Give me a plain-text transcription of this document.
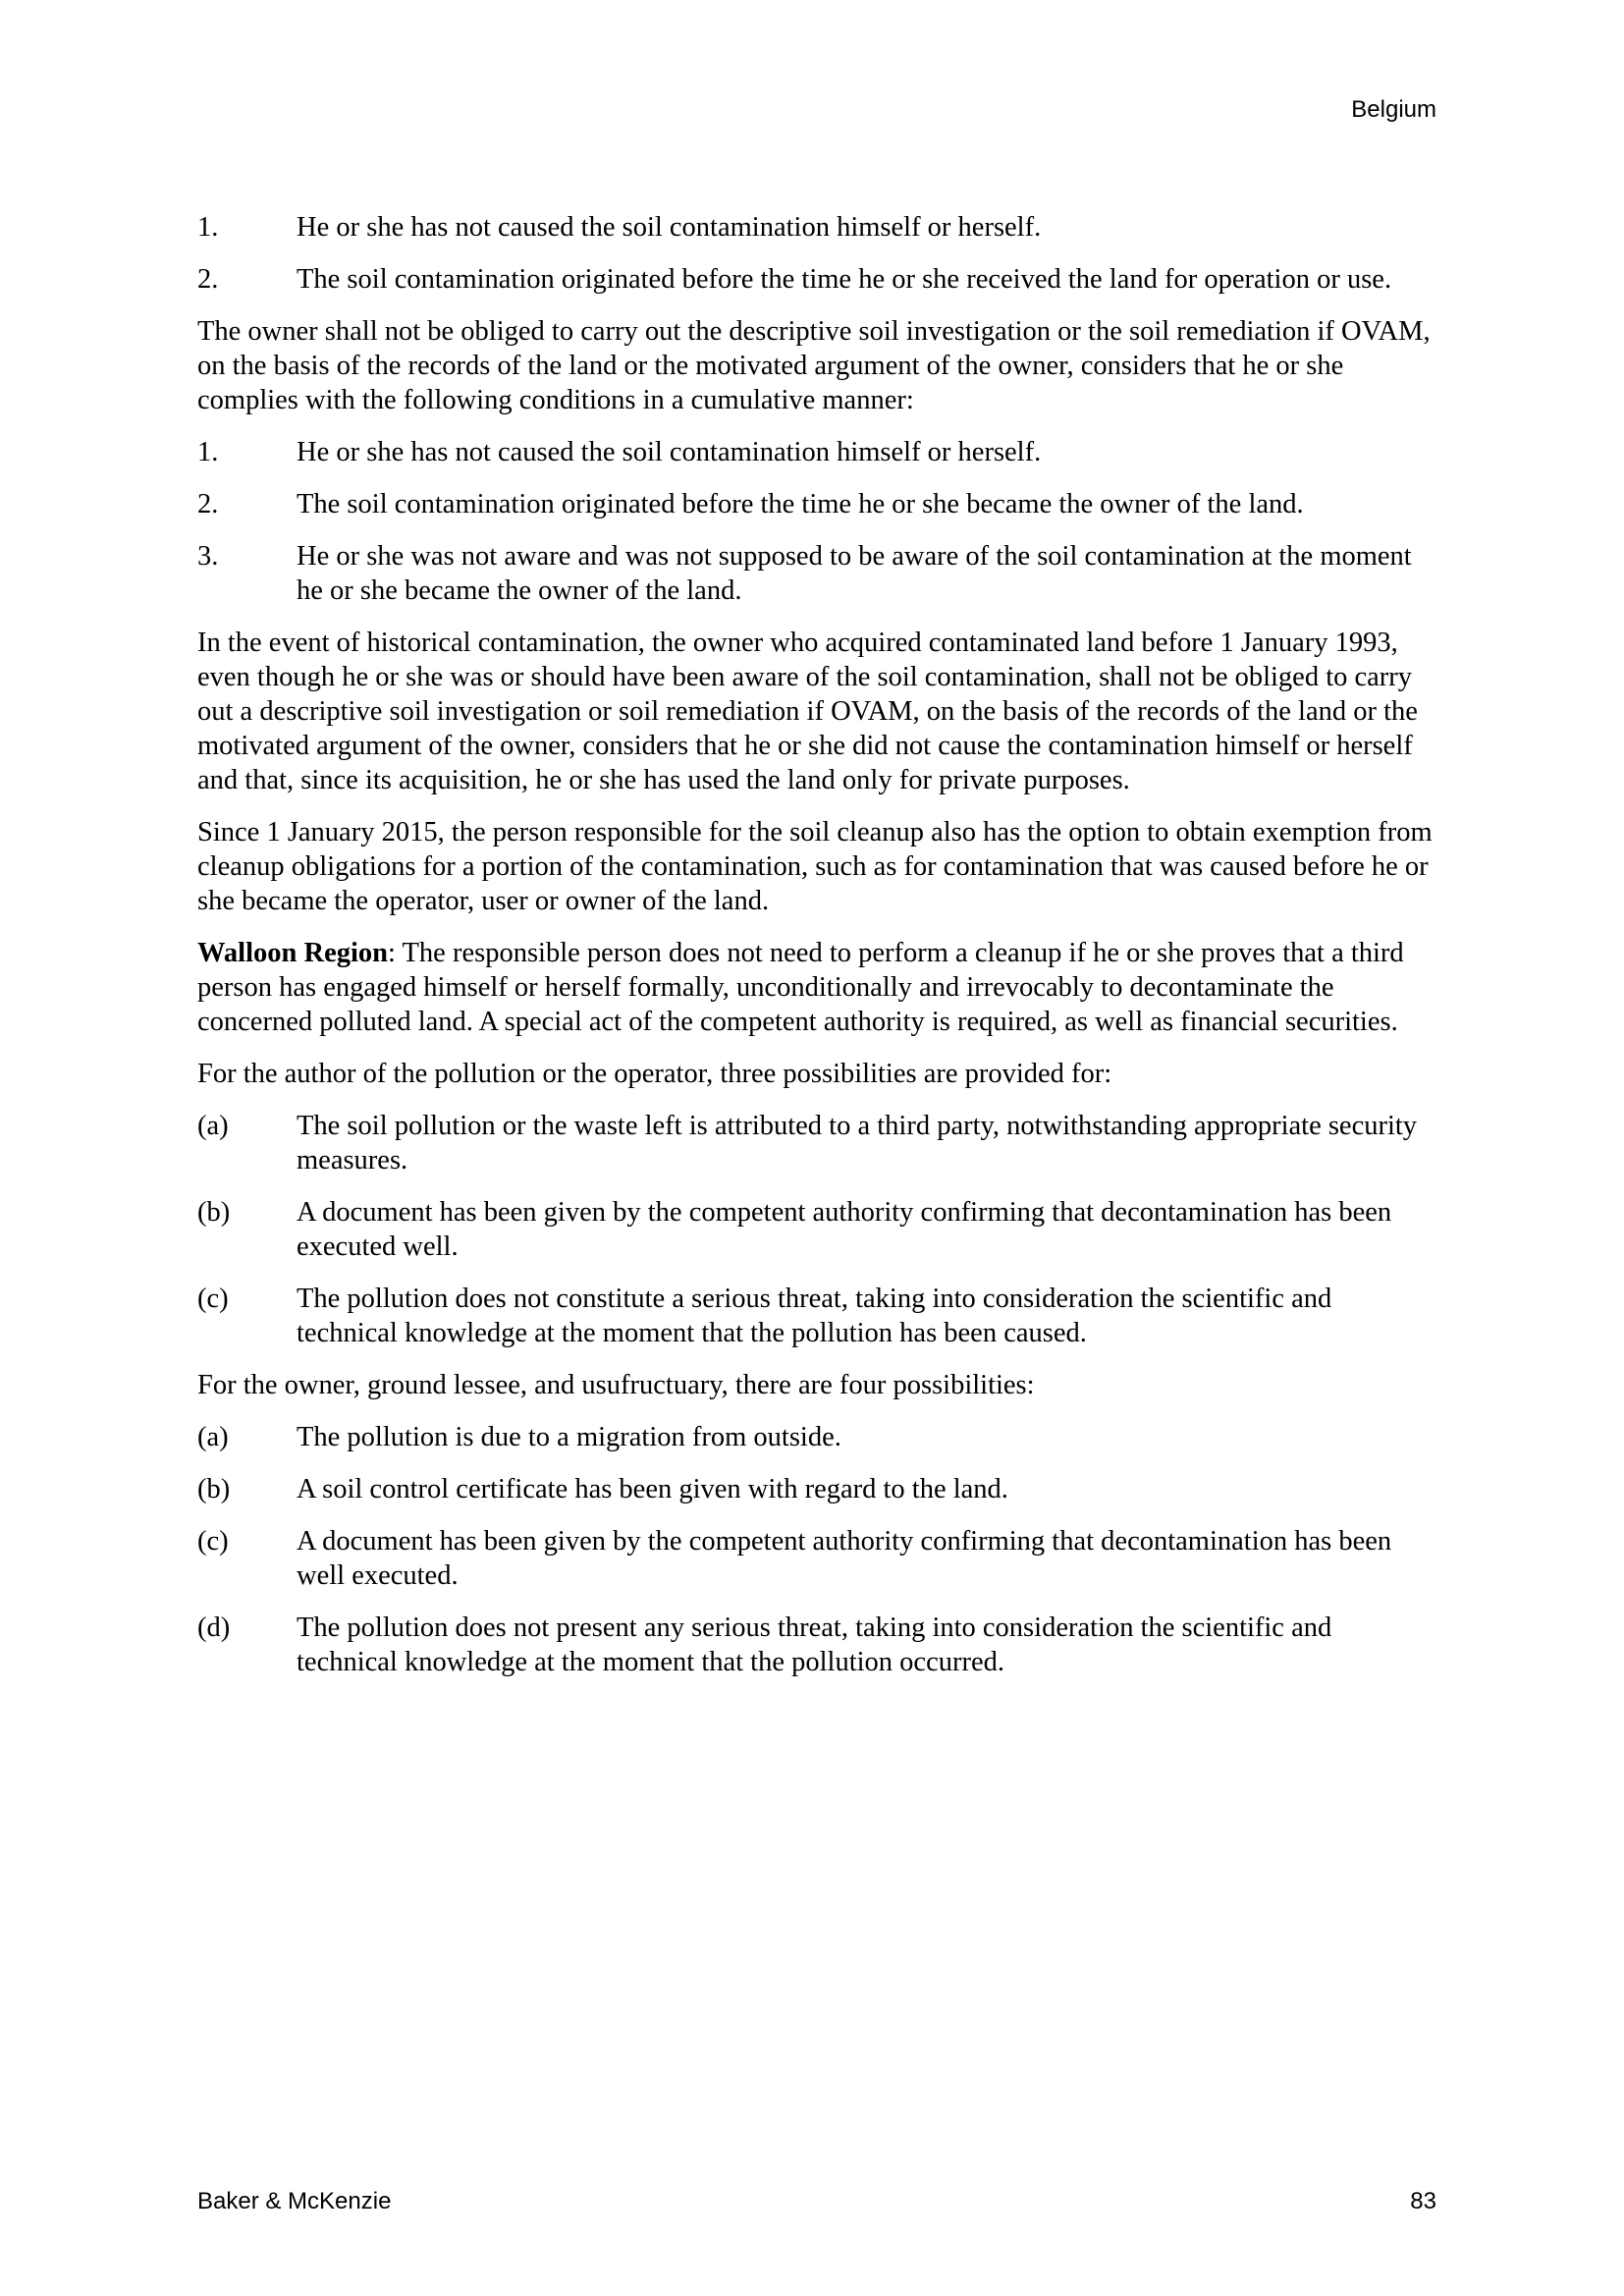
Belgium
1.	He or she has not caused the soil contamination himself or herself.
2.	The soil contamination originated before the time he or she received the land for operation or use.

The owner shall not be obliged to carry out the descriptive soil investigation or the soil remediation if OVAM, on the basis of the records of the land or the motivated argument of the owner, considers that he or she complies with the following conditions in a cumulative manner:

1.	He or she has not caused the soil contamination himself or herself.
2.	The soil contamination originated before the time he or she became the owner of the land.
3.	He or she was not aware and was not supposed to be aware of the soil contamination at the moment he or she became the owner of the land.

In the event of historical contamination, the owner who acquired contaminated land before 1 January 1993, even though he or she was or should have been aware of the soil contamination, shall not be obliged to carry out a descriptive soil investigation or soil remediation if OVAM, on the basis of the records of the land or the motivated argument of the owner, considers that he or she did not cause the contamination himself or herself and that, since its acquisition, he or she has used the land only for private purposes.

Since 1 January 2015, the person responsible for the soil cleanup also has the option to obtain exemption from cleanup obligations for a portion of the contamination, such as for contamination that was caused before he or she became the operator, user or owner of the land.

Walloon Region: The responsible person does not need to perform a cleanup if he or she proves that a third person has engaged himself or herself formally, unconditionally and irrevocably to decontaminate the concerned polluted land. A special act of the competent authority is required, as well as financial securities.

For the author of the pollution or the operator, three possibilities are provided for:

(a)	The soil pollution or the waste left is attributed to a third party, notwithstanding appropriate security measures.
(b)	A document has been given by the competent authority confirming that decontamination has been executed well.
(c)	The pollution does not constitute a serious threat, taking into consideration the scientific and technical knowledge at the moment that the pollution has been caused.

For the owner, ground lessee, and usufructuary, there are four possibilities:

(a)	The pollution is due to a migration from outside.
(b)	A soil control certificate has been given with regard to the land.
(c)	A document has been given by the competent authority confirming that decontamination has been well executed.
(d)	The pollution does not present any serious threat, taking into consideration the scientific and technical knowledge at the moment that the pollution occurred.
Baker & McKenzie	83
